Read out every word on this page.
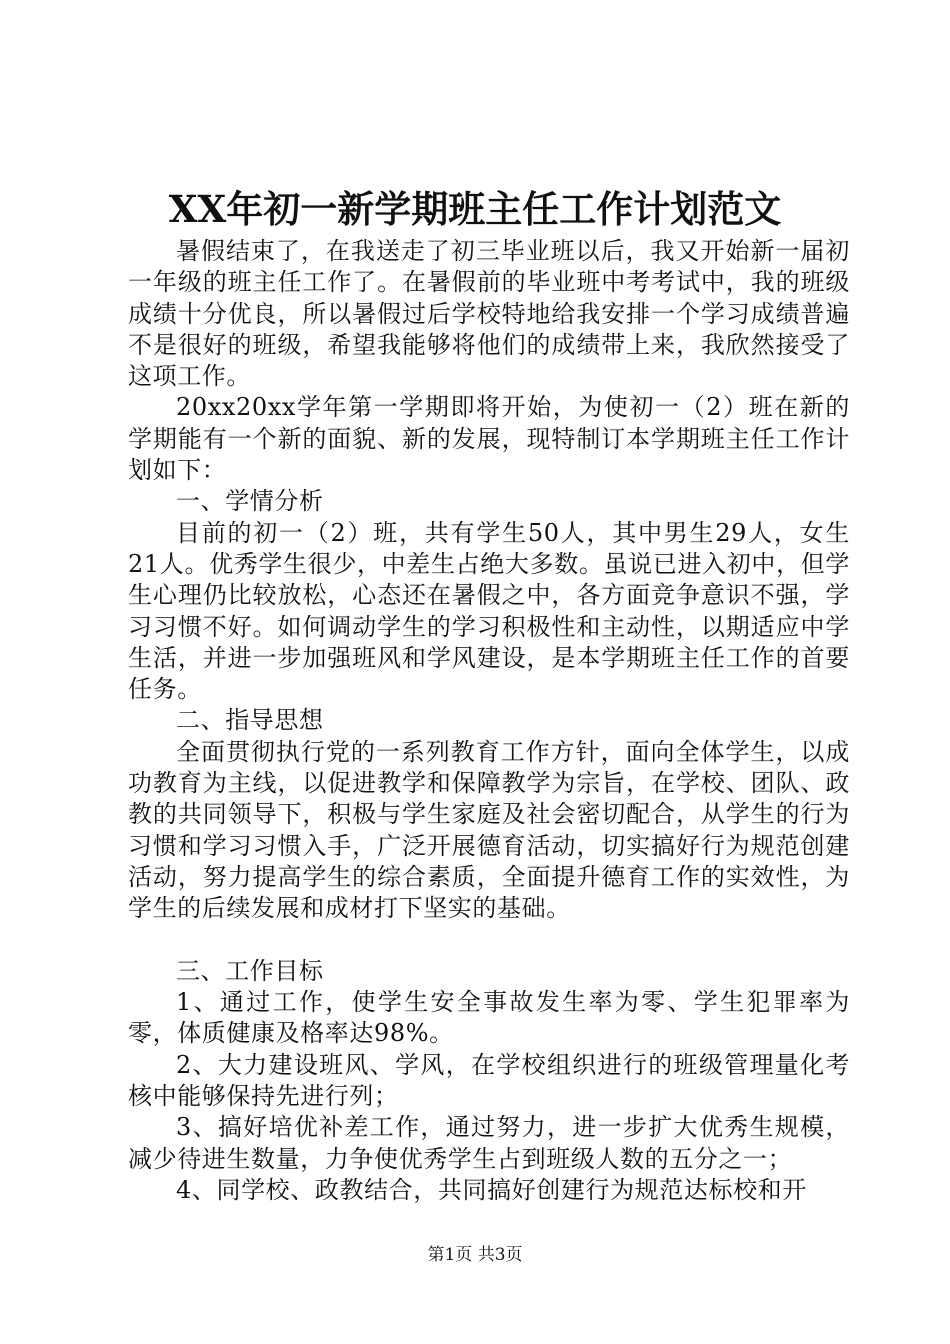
XX年初一新学期班主任工作计划范文

暑假结束了，在我送走了初三毕业班以后，我又开始新一届初一年级的班主任工作了。在暑假前的毕业班中考考试中，我的班级成绩十分优良，所以暑假过后学校特地给我安排一个学习成绩普遍不是很好的班级，希望我能够将他们的成绩带上来，我欣然接受了这项工作。

20xx20xx学年第一学期即将开始，为使初一（2）班在新的学期能有一个新的面貌、新的发展，现特制订本学期班主任工作计划如下：

一、学情分析

目前的初一（2）班，共有学生50人，其中男生29人，女生21人。优秀学生很少，中差生占绝大多数。虽说已进入初中，但学生心理仍比较放松，心态还在暑假之中，各方面竞争意识不强，学习习惯不好。如何调动学生的学习积极性和主动性，以期适应中学生活，并进一步加强班风和学风建设，是本学期班主任工作的首要任务。

二、指导思想

全面贯彻执行党的一系列教育工作方针，面向全体学生，以成功教育为主线，以促进教学和保障教学为宗旨，在学校、团队、政教的共同领导下，积极与学生家庭及社会密切配合，从学生的行为习惯和学习习惯入手，广泛开展德育活动，切实搞好行为规范创建活动，努力提高学生的综合素质，全面提升德育工作的实效性，为学生的后续发展和成材打下坚实的基础。

三、工作目标

1、通过工作，使学生安全事故发生率为零、学生犯罪率为零，体质健康及格率达98%。

2、大力建设班风、学风，在学校组织进行的班级管理量化考核中能够保持先进行列；

3、搞好培优补差工作，通过努力，进一步扩大优秀生规模，减少待进生数量，力争使优秀学生占到班级人数的五分之一；

4、同学校、政教结合，共同搞好创建行为规范达标校和开

第1页 共3页
